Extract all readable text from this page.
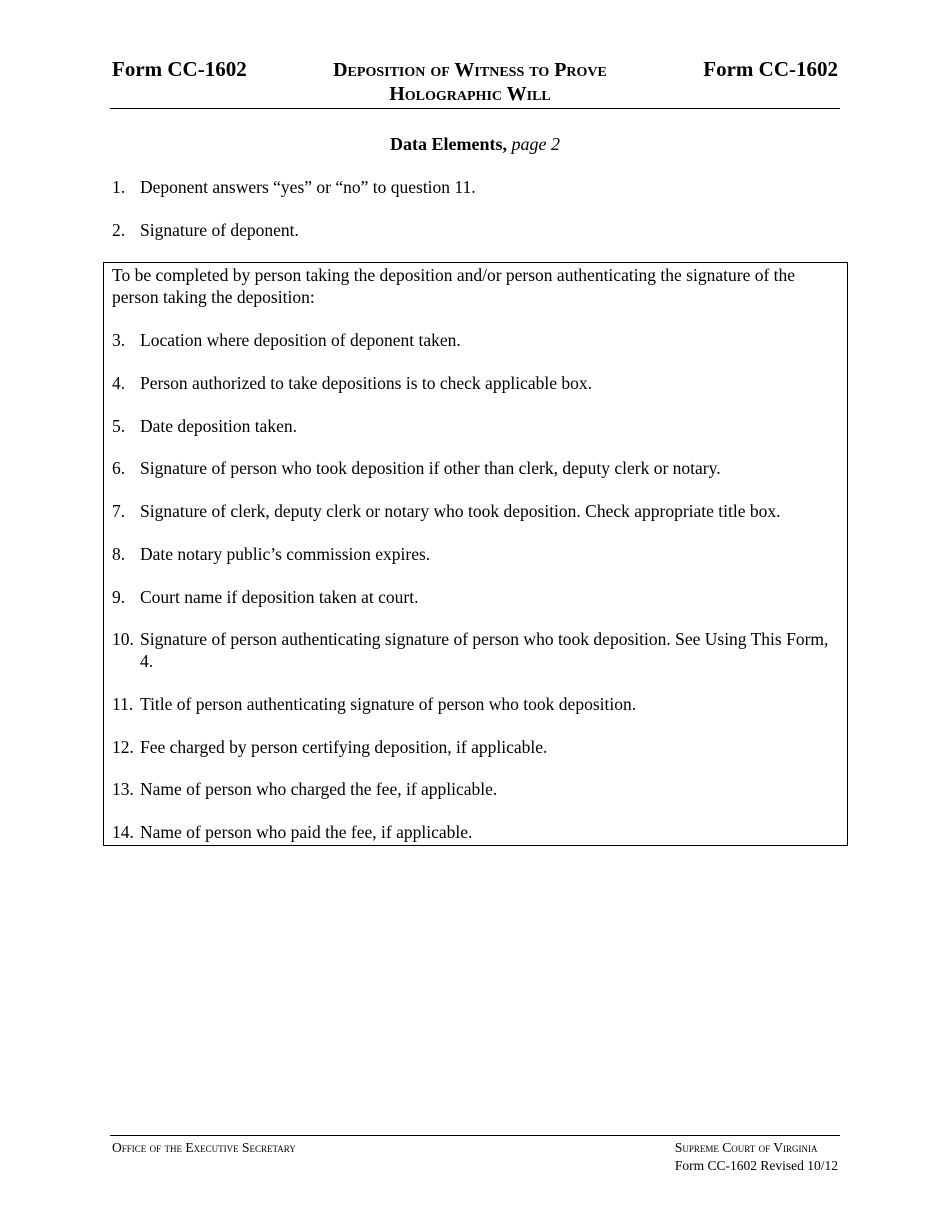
Form CC-1602	Deposition of Witness to Prove
Holographic Will
Form CC-1602
Data Elements, page 2
1. Deponent answers “yes” or “no” to question 11.
2. Signature of deponent.
To be completed by person taking the deposition and/or person authenticating the signature of the person taking the deposition:
3. Location where deposition of deponent taken.
4. Person authorized to take depositions is to check applicable box.
5. Date deposition taken.
6. Signature of person who took deposition if other than clerk, deputy clerk or notary.
7. Signature of clerk, deputy clerk or notary who took deposition. Check appropriate title box.
8. Date notary public’s commission expires.
9. Court name if deposition taken at court.
10. Signature of person authenticating signature of person who took deposition. See Using This Form, 4.
11. Title of person authenticating signature of person who took deposition.
12. Fee charged by person certifying deposition, if applicable.
13. Name of person who charged the fee, if applicable.
14. Name of person who paid the fee, if applicable.
Office of the Executive Secretary	Supreme Court of Virginia
Form CC-1602 Revised 10/12
